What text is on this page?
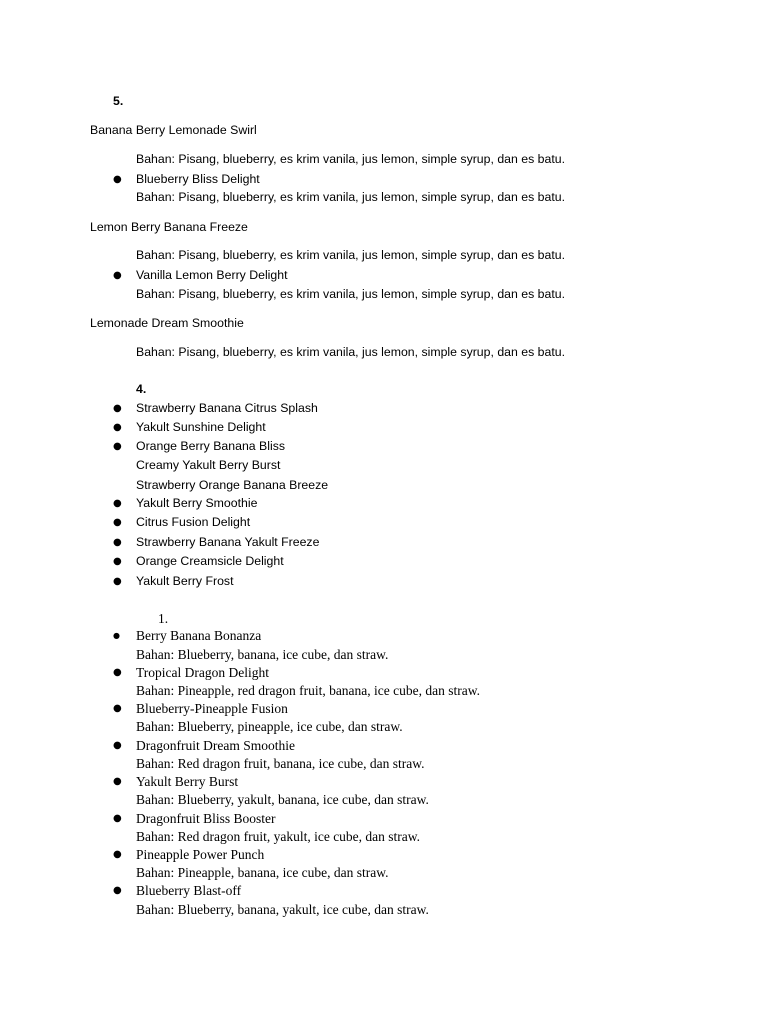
5.
Banana Berry Lemonade Swirl
Bahan: Pisang, blueberry, es krim vanila, jus lemon, simple syrup, dan es batu.
● Blueberry Bliss Delight
Bahan: Pisang, blueberry, es krim vanila, jus lemon, simple syrup, dan es batu.
Lemon Berry Banana Freeze
Bahan: Pisang, blueberry, es krim vanila, jus lemon, simple syrup, dan es batu.
● Vanilla Lemon Berry Delight
Bahan: Pisang, blueberry, es krim vanila, jus lemon, simple syrup, dan es batu.
Lemonade Dream Smoothie
Bahan: Pisang, blueberry, es krim vanila, jus lemon, simple syrup, dan es batu.
4.
● Strawberry Banana Citrus Splash
● Yakult Sunshine Delight
● Orange Berry Banana Bliss
Creamy Yakult Berry Burst
Strawberry Orange Banana Breeze
● Yakult Berry Smoothie
● Citrus Fusion Delight
● Strawberry Banana Yakult Freeze
● Orange Creamsicle Delight
● Yakult Berry Frost
1.
● Berry Banana Bonanza
Bahan: Blueberry, banana, ice cube, dan straw.
● Tropical Dragon Delight
Bahan: Pineapple, red dragon fruit, banana, ice cube, dan straw.
● Blueberry-Pineapple Fusion
Bahan: Blueberry, pineapple, ice cube, dan straw.
● Dragonfruit Dream Smoothie
Bahan: Red dragon fruit, banana, ice cube, dan straw.
● Yakult Berry Burst
Bahan: Blueberry, yakult, banana, ice cube, dan straw.
● Dragonfruit Bliss Booster
Bahan: Red dragon fruit, yakult, ice cube, dan straw.
● Pineapple Power Punch
Bahan: Pineapple, banana, ice cube, dan straw.
● Blueberry Blast-off
Bahan: Blueberry, banana, yakult, ice cube, dan straw.
